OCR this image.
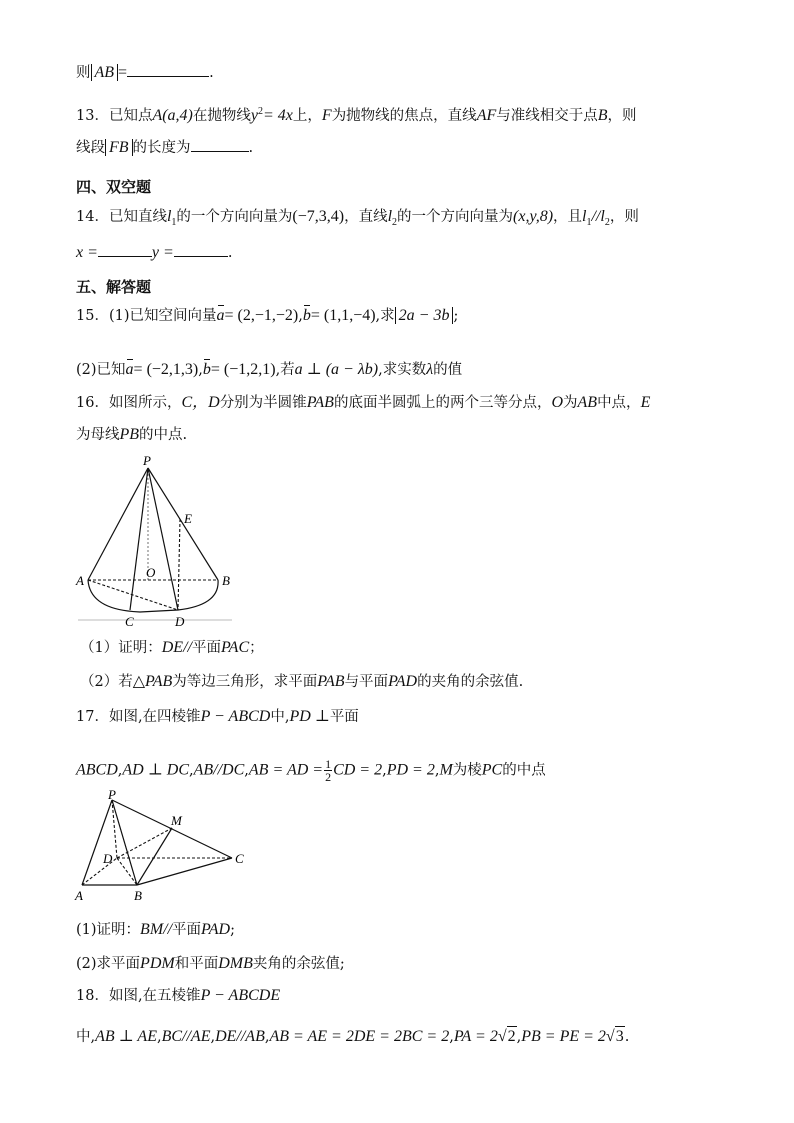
则 AB =	.
13．已知点A(a,4)在抛物线$y^2= 4x$上，F为抛物线的焦点，直线AF与准线相交于点B，则
线段 FB 的长度为	.
四、双空题
14．已知直线$l_1$的一个方向向量为(−7,3,4)，直线$l_2$的一个方向向量为(x,y,8)，且$l_1//l_2$，则
x =	y =	.
五、解答题
15．(1)已知空间向量a= (2,−1,−2),b= (1,1,−4),求 2a − 3b ;
(2)已知a= (−2,1,3),b= (−1,2,1),若a ⊥ (a − λb),求实数λ的值
16．如图所示，C，D分别为半圆锥PAB的底面半圆弧上的两个三等分点，O为AB中点，E
为母线PB的中点.
P
E
O
A	B
C	D
（1）证明：DE//平面PAC；
（2）若△PAB为等边三角形，求平面PAB与平面PAD的夹角的余弦值.
17．如图,在四棱锥P − ABCD中,PD ⊥平面
ABCD,AD ⊥ DC,AB//DC,AB = AD = $\frac{1}{2}$ CD = 2,PD = 2,M为棱PC的中点
P
M
D	C
A	B
(1)证明：BM//平面PAD;
(2)求平面PDM和平面DMB夹角的余弦值;
18．如图,在五棱锥P − ABCDE
中,AB ⊥ AE,BC//AE,DE//AB,AB = AE = 2DE = 2BC = 2,PA = 2√2,PB = PE = 2√3.
